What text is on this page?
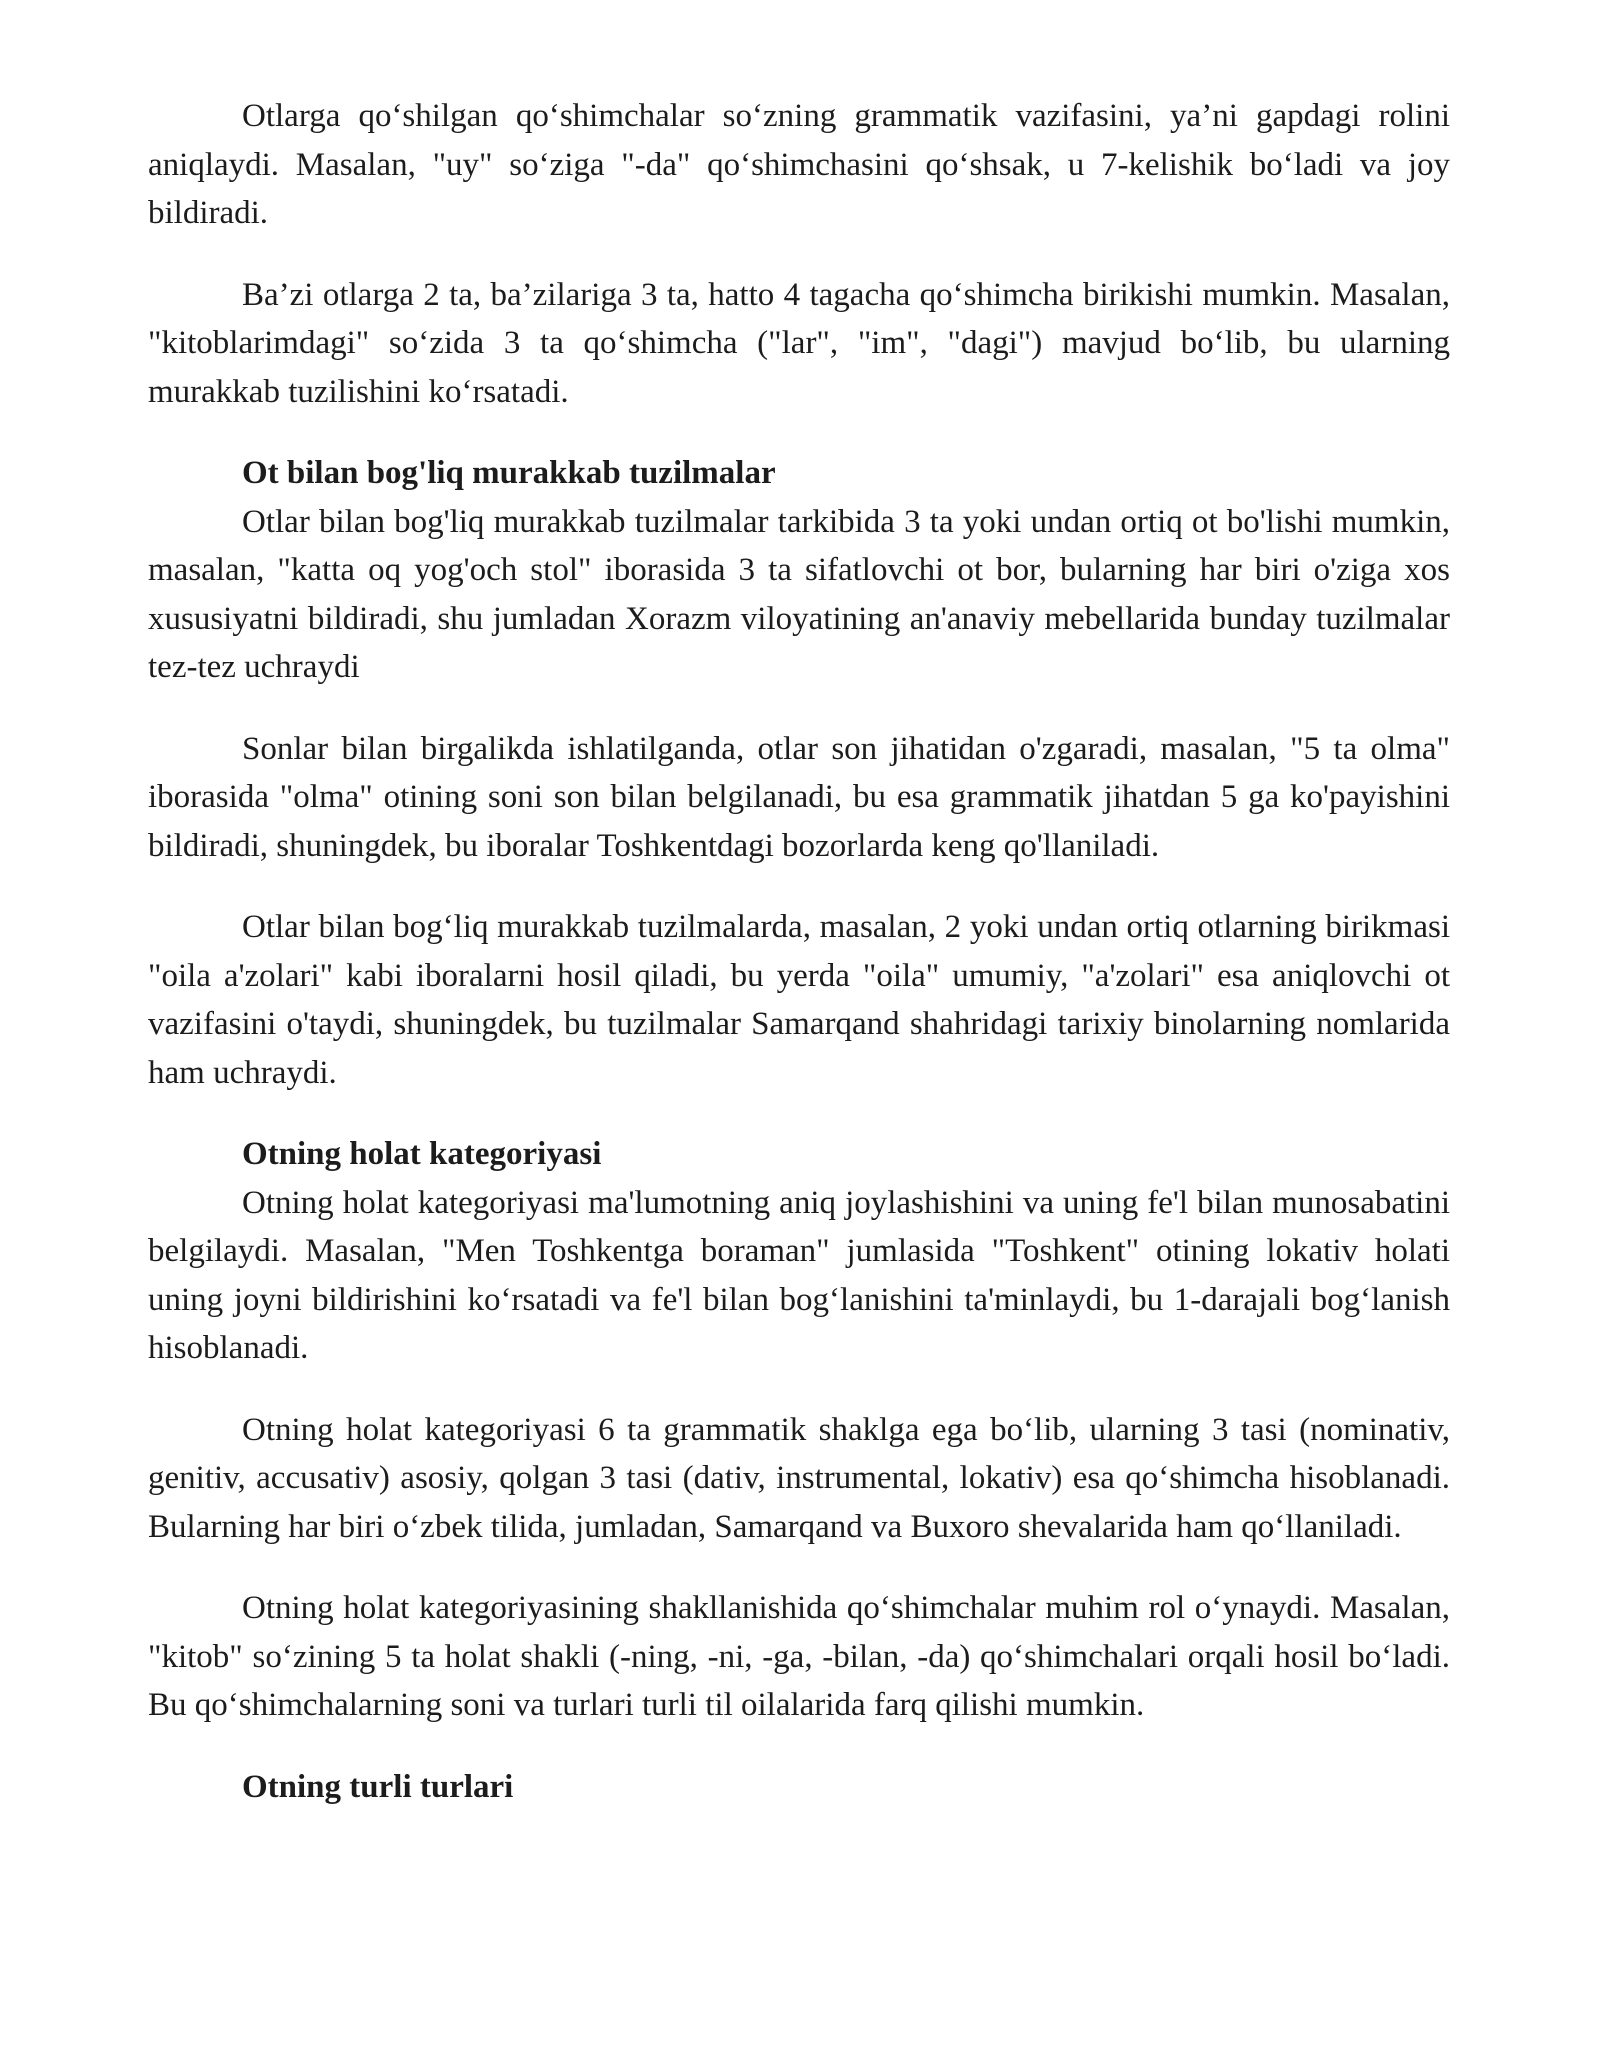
Otlarga qo‘shilgan qo‘shimchalar so‘zning grammatik vazifasini, ya’ni gapdagi rolini aniqlaydi. Masalan, "uy" so‘ziga "-da" qo‘shimchasini qo‘shsak, u 7-kelishik bo‘ladi va joy bildiradi.

Ba’zi otlarga 2 ta, ba’zilariga 3 ta, hatto 4 tagacha qo‘shimcha birikishi mumkin. Masalan, "kitoblarimdagi" so‘zida 3 ta qo‘shimcha ("lar", "im", "dagi") mavjud bo‘lib, bu ularning murakkab tuzilishini ko‘rsatadi.

Ot bilan bog'liq murakkab tuzilmalar

Otlar bilan bog'liq murakkab tuzilmalar tarkibida 3 ta yoki undan ortiq ot bo'lishi mumkin, masalan, "katta oq yog'och stol" iborasida 3 ta sifatlovchi ot bor, bularning har biri o'ziga xos xususiyatni bildiradi, shu jumladan Xorazm viloyatining an'anaviy mebellarida bunday tuzilmalar tez-tez uchraydi

Sonlar bilan birgalikda ishlatilganda, otlar son jihatidan o'zgaradi, masalan, "5 ta olma" iborasida "olma" otining soni son bilan belgilanadi, bu esa grammatik jihatdan 5 ga ko'payishini bildiradi, shuningdek, bu iboralar Toshkentdagi bozorlarda keng qo'llaniladi.

Otlar bilan bog‘liq murakkab tuzilmalarda, masalan, 2 yoki undan ortiq otlarning birikmasi "oila a'zolari" kabi iboralarni hosil qiladi, bu yerda "oila" umumiy, "a'zolari" esa aniqlovchi ot vazifasini o'taydi, shuningdek, bu tuzilmalar Samarqand shahridagi tarixiy binolarning nomlarida ham uchraydi.

Otning holat kategoriyasi

Otning holat kategoriyasi ma'lumotning aniq joylashishini va uning fe'l bilan munosabatini belgilaydi. Masalan, "Men Toshkentga boraman" jumlasida "Toshkent" otining lokativ holati uning joyni bildirishini ko‘rsatadi va fe'l bilan bog‘lanishini ta'minlaydi, bu 1-darajali bog‘lanish hisoblanadi.

Otning holat kategoriyasi 6 ta grammatik shaklga ega bo‘lib, ularning 3 tasi (nominativ, genitiv, accusativ) asosiy, qolgan 3 tasi (dativ, instrumental, lokativ) esa qo‘shimcha hisoblanadi. Bularning har biri o‘zbek tilida, jumladan, Samarqand va Buxoro shevalarida ham qo‘llaniladi.

Otning holat kategoriyasining shakllanishida qo‘shimchalar muhim rol o‘ynaydi. Masalan, "kitob" so‘zining 5 ta holat shakli (-ning, -ni, -ga, -bilan, -da) qo‘shimchalari orqali hosil bo‘ladi. Bu qo‘shimchalarning soni va turlari turli til oilalarida farq qilishi mumkin.

Otning turli turlari
